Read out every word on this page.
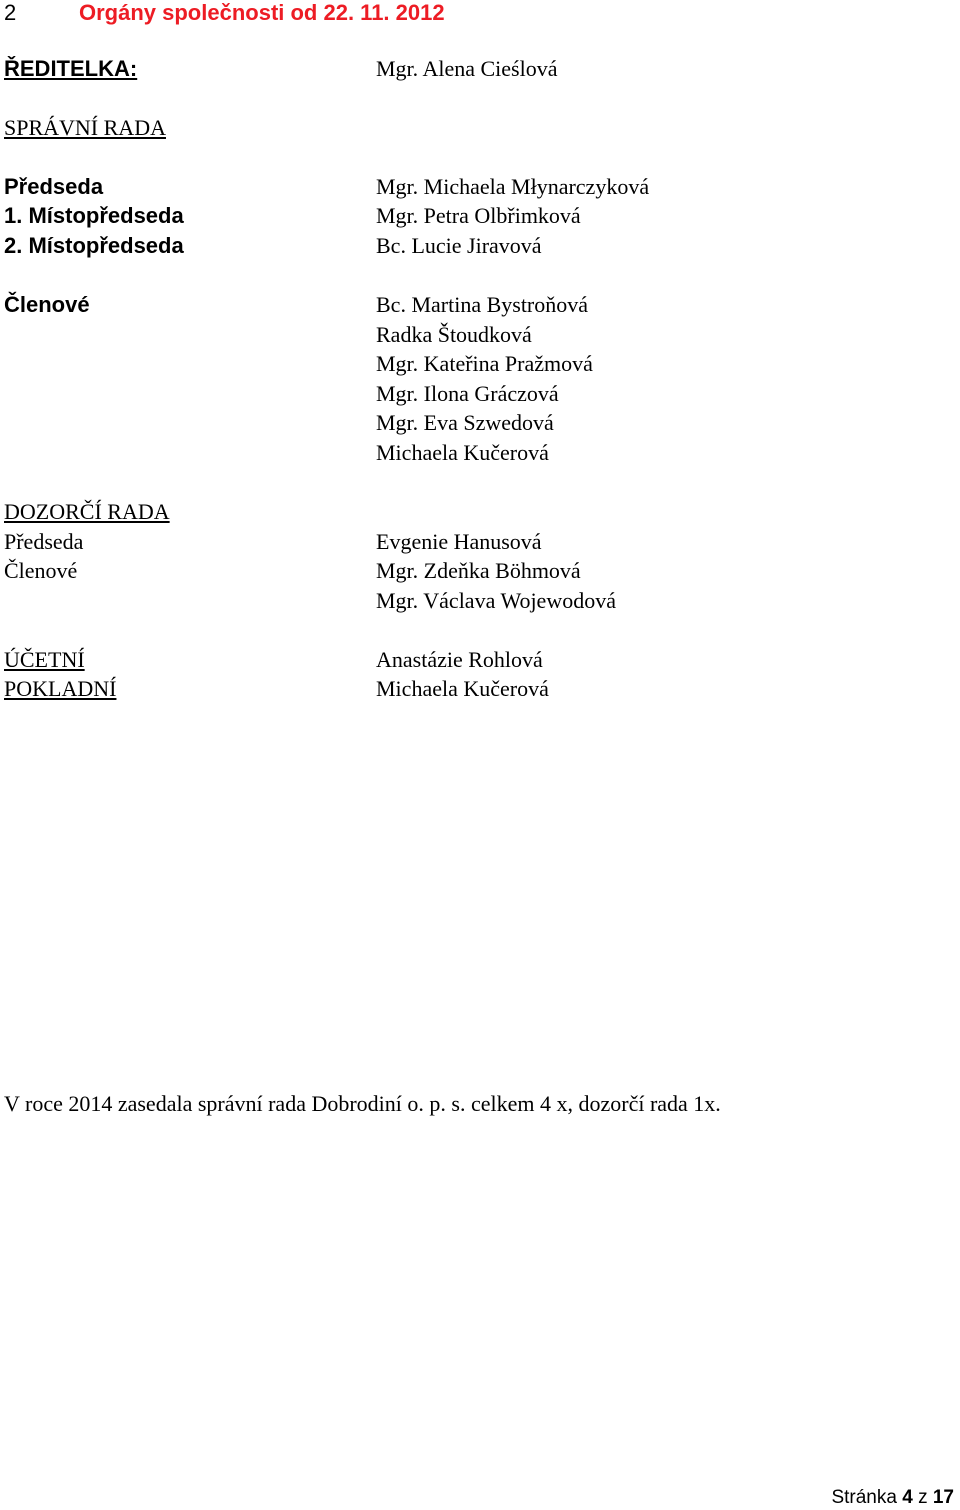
2	Orgány společnosti od 22. 11. 2012
ŘEDITELKA:	Mgr. Alena Cieślová
SPRÁVNÍ RADA
Předseda	Mgr. Michaela Młynarczyková
1. Místopředseda	Mgr. Petra Olbřimková
2. Místopředseda	Bc. Lucie Jiravová
Členové	Bc. Martina Bystroňová
Radka Štoudková
Mgr. Kateřina Pražmová
Mgr. Ilona Gráczová
Mgr. Eva Szwedová
Michaela Kučerová
DOZORČÍ RADA
Předseda	Evgenie Hanusová
Členové	Mgr. Zdeňka Böhmová
Mgr. Václava Wojewodová
ÚČETNÍ	Anastázie Rohlová
POKLADNÍ	Michaela Kučerová
V roce 2014 zasedala správní rada Dobrodiní o. p. s. celkem 4 x, dozorčí rada 1x.
Stránka 4 z 17
